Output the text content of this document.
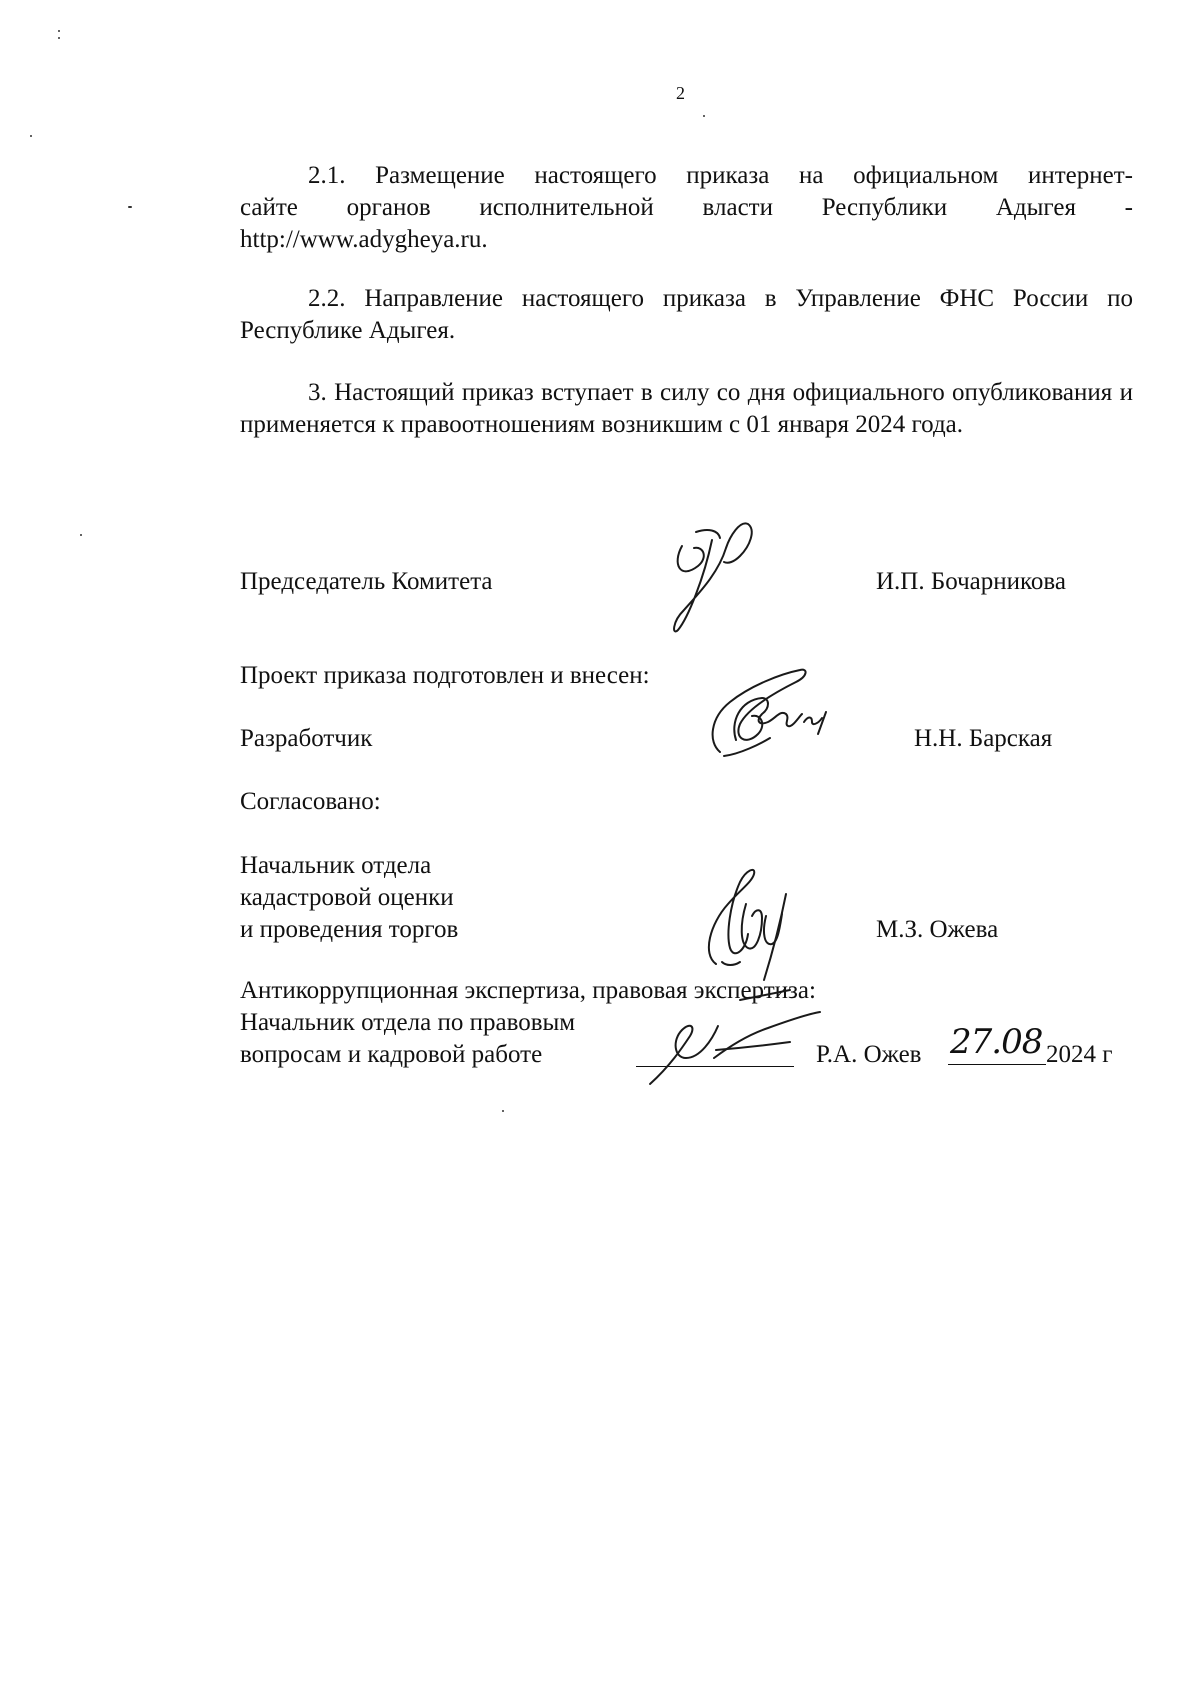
2
2.1. Размещение настоящего приказа на официальном интернет-
сайте органов исполнительной власти Республики Адыгея -
http://www.adygheya.ru.
2.2. Направление настоящего приказа в Управление ФНС России по Республике Адыгея.
3. Настоящий приказ вступает в силу со дня официального опубликования и применяется к правоотношениям возникшим с 01 января 2024 года.
Председатель Комитета	И.П. Бочарникова
Проект приказа подготовлен и внесен:
Разработчик	Н.Н. Барская
Согласовано:
Начальник отдела
кадастровой оценки
и проведения торгов	М.З. Ожева
Антикоррупционная экспертиза, правовая экспертиза:
Начальник отдела по правовым
вопросам и кадровой работе	Р.А. Ожев 27.08 2024 г
